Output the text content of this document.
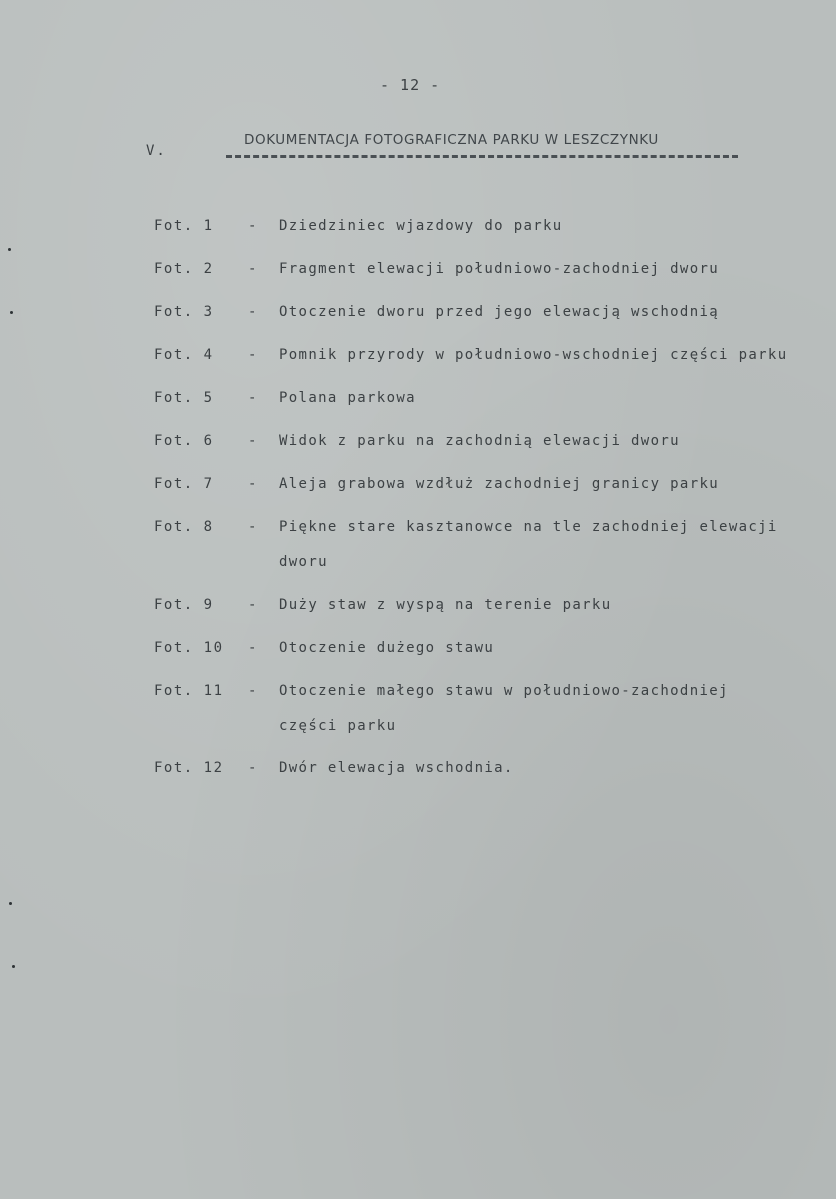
- 12 -
V.
DOKUMENTACJA FOTOGRAFICZNA PARKU W LESZCZYNKU
Fot. 1 - Dziedziniec wjazdowy do parku
Fot. 2 - Fragment elewacji południowo-zachodniej dworu
Fot. 3 - Otoczenie dworu przed jego elewacją wschodnią
Fot. 4 - Pomnik przyrody w południowo-wschodniej części parku
Fot. 5 - Polana parkowa
Fot. 6 - Widok z parku na zachodnią elewacji dworu
Fot. 7 - Aleja grabowa wzdłuż zachodniej granicy parku
Fot. 8 - Piękne stare kasztanowce na tle zachodniej elewacji
dworu
Fot. 9 - Duży staw z wyspą na terenie parku
Fot. 10 - Otoczenie dużego stawu
Fot. 11 - Otoczenie małego stawu w południowo-zachodniej
części parku
Fot. 12 - Dwór elewacja wschodnia.
